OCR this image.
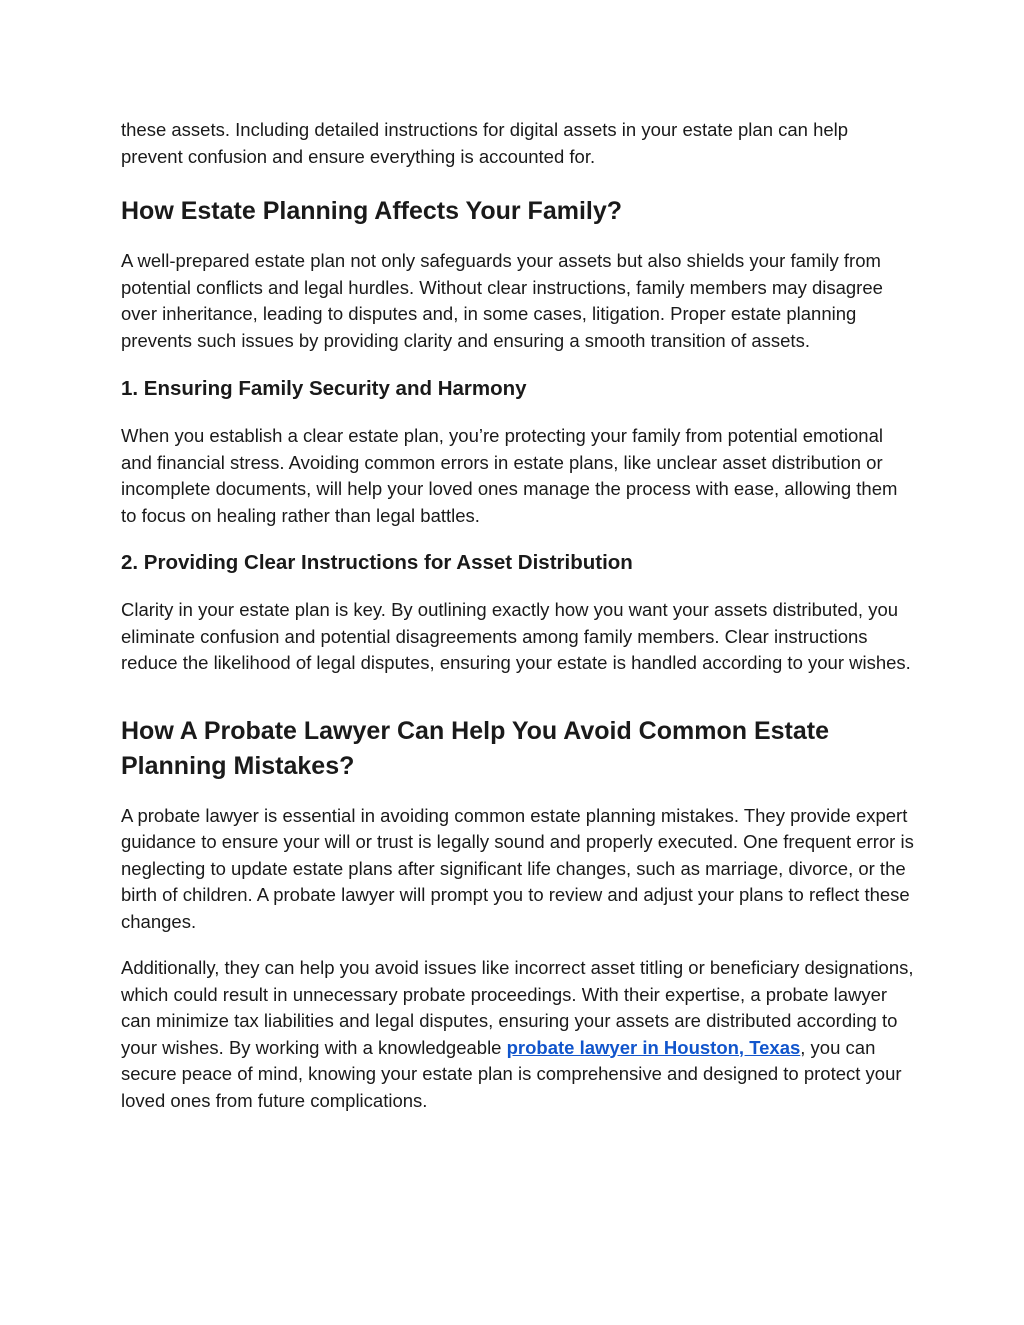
these assets. Including detailed instructions for digital assets in your estate plan can help prevent confusion and ensure everything is accounted for.

How Estate Planning Affects Your Family?

A well-prepared estate plan not only safeguards your assets but also shields your family from potential conflicts and legal hurdles. Without clear instructions, family members may disagree over inheritance, leading to disputes and, in some cases, litigation. Proper estate planning prevents such issues by providing clarity and ensuring a smooth transition of assets.

1. Ensuring Family Security and Harmony

When you establish a clear estate plan, you’re protecting your family from potential emotional and financial stress. Avoiding common errors in estate plans, like unclear asset distribution or incomplete documents, will help your loved ones manage the process with ease, allowing them to focus on healing rather than legal battles.

2. Providing Clear Instructions for Asset Distribution

Clarity in your estate plan is key. By outlining exactly how you want your assets distributed, you eliminate confusion and potential disagreements among family members. Clear instructions reduce the likelihood of legal disputes, ensuring your estate is handled according to your wishes.

How A Probate Lawyer Can Help You Avoid Common Estate Planning Mistakes?

A probate lawyer is essential in avoiding common estate planning mistakes. They provide expert guidance to ensure your will or trust is legally sound and properly executed. One frequent error is neglecting to update estate plans after significant life changes, such as marriage, divorce, or the birth of children. A probate lawyer will prompt you to review and adjust your plans to reflect these changes.

Additionally, they can help you avoid issues like incorrect asset titling or beneficiary designations, which could result in unnecessary probate proceedings. With their expertise, a probate lawyer can minimize tax liabilities and legal disputes, ensuring your assets are distributed according to your wishes. By working with a knowledgeable probate lawyer in Houston, Texas, you can secure peace of mind, knowing your estate plan is comprehensive and designed to protect your loved ones from future complications.
